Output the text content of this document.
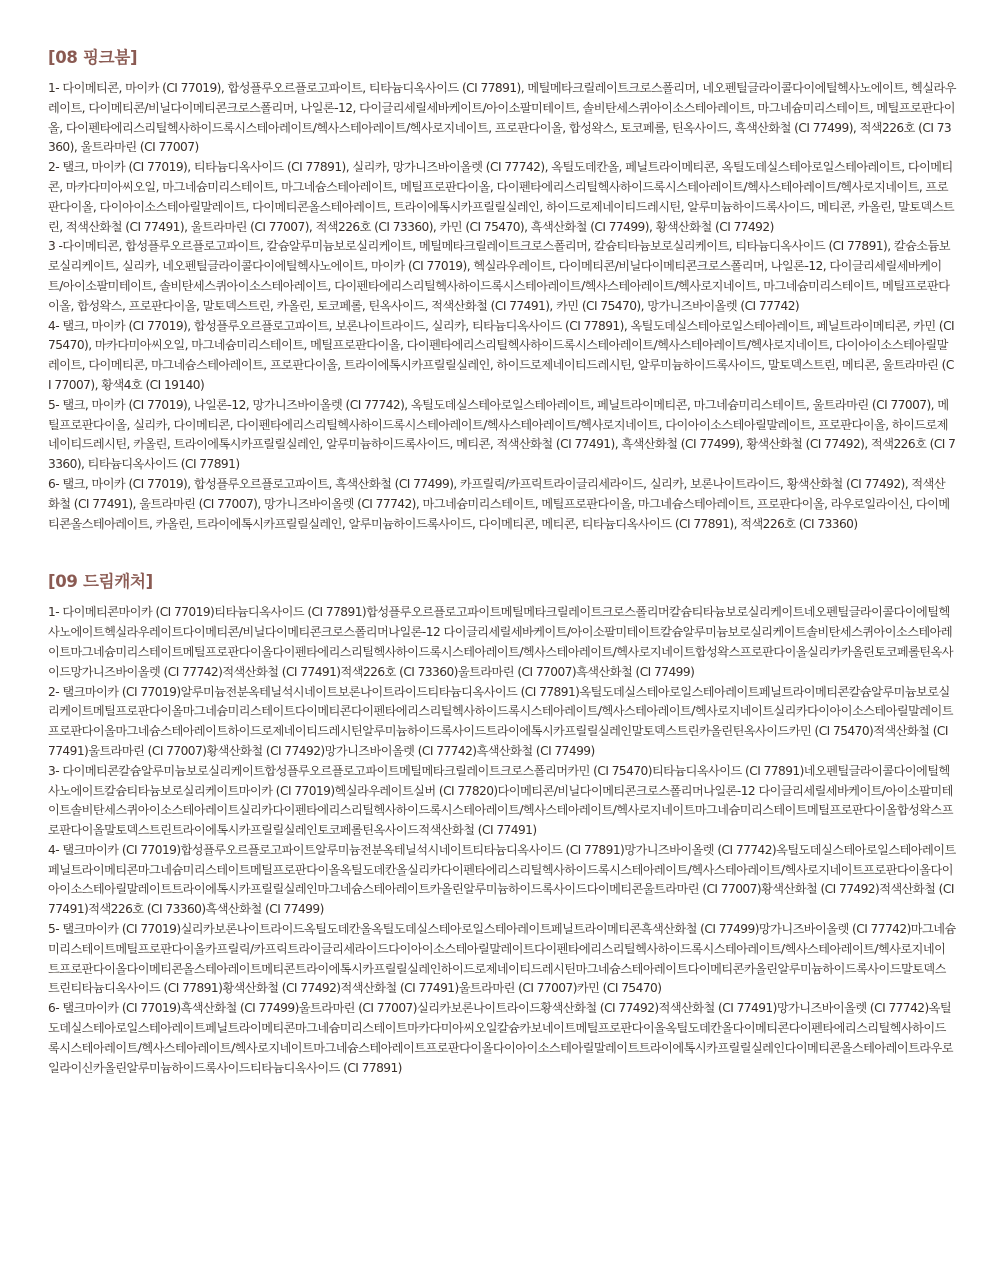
[08 핑크붐]

1- 다이메티콘, 마이카 (CI 77019), 합성플루오르플로고파이트, 티타늄디옥사이드 (CI 77891), 메틸메타크릴레이트크로스폴리머, 네오펜틸글라이콜다이에틸헥사노에이트, 헥실라우레이트, 다이메티콘/비닐다이메티콘크로스폴리머, 나일론-12, 다이글리세릴세바케이트/아이소팔미테이트, 솔비탄세스퀴아이소스테아레이트, 마그네슘미리스테이트, 메틸프로판다이올, 다이펜타에리스리틸헥사하이드록시스테아레이트/헥사스테아레이트/헥사로지네이트, 프로판다이올, 합성왁스, 토코페롤, 틴옥사이드, 흑색산화철 (CI 77499), 적색226호 (CI 73360), 울트라마린 (CI 77007)

2- 탤크, 마이카 (CI 77019), 티타늄디옥사이드 (CI 77891), 실리카, 망가니즈바이올렛 (CI 77742), 옥틸도데칸올, 페닐트라이메티콘, 옥틸도데실스테아로일스테아레이트, 다이메티콘, 마카다미아씨오일, 마그네슘미리스테이트, 마그네슘스테아레이트, 메틸프로판다이올, 다이펜타에리스리틸헥사하이드록시스테아레이트/헥사스테아레이트/헥사로지네이트, 프로판다이올, 다이아이소스테아릴말레이트, 다이메티콘올스테아레이트, 트라이에톡시카프릴릴실레인, 하이드로제네이티드레시틴, 알루미늄하이드록사이드, 메티콘, 카올린, 말토덱스트린, 적색산화철 (CI 77491), 울트라마린 (CI 77007), 적색226호 (CI 73360), 카민 (CI 75470), 흑색산화철 (CI 77499), 황색산화철 (CI 77492)

3 -다이메티콘, 합성플루오르플로고파이트, 칼슘알루미늄보로실리케이트, 메틸메타크릴레이트크로스폴리머, 칼슘티타늄보로실리케이트, 티타늄디옥사이드 (CI 77891), 칼슘소듐보로실리케이트, 실리카, 네오펜틸글라이콜다이에틸헥사노에이트, 마이카 (CI 77019), 헥실라우레이트, 다이메티콘/비닐다이메티콘크로스폴리머, 나일론-12, 다이글리세릴세바케이트/아이소팔미테이트, 솔비탄세스퀴아이소스테아레이트, 다이펜타에리스리틸헥사하이드록시스테아레이트/헥사스테아레이트/헥사로지네이트, 마그네슘미리스테이트, 메틸프로판다이올, 합성왁스, 프로판다이올, 말토덱스트린, 카올린, 토코페롤, 틴옥사이드, 적색산화철 (CI 77491), 카민 (CI 75470), 망가니즈바이올렛 (CI 77742)

4- 탤크, 마이카 (CI 77019), 합성플루오르플로고파이트, 보론나이트라이드, 실리카, 티타늄디옥사이드 (CI 77891), 옥틸도데실스테아로일스테아레이트, 페닐트라이메티콘, 카민 (CI 75470), 마카다미아씨오일, 마그네슘미리스테이트, 메틸프로판다이올, 다이펜타에리스리틸헥사하이드록시스테아레이트/헥사스테아레이트/헥사로지네이트, 다이아이소스테아릴말레이트, 다이메티콘, 마그네슘스테아레이트, 프로판다이올, 트라이에톡시카프릴릴실레인, 하이드로제네이티드레시틴, 알루미늄하이드록사이드, 말토덱스트린, 메티콘, 울트라마린 (CI 77007), 황색4호 (CI 19140)

5- 탤크, 마이카 (CI 77019), 나일론-12, 망가니즈바이올렛 (CI 77742), 옥틸도데실스테아로일스테아레이트, 페닐트라이메티콘, 마그네슘미리스테이트, 울트라마린 (CI 77007), 메틸프로판다이올, 실리카, 다이메티콘, 다이펜타에리스리틸헥사하이드록시스테아레이트/헥사스테아레이트/헥사로지네이트, 다이아이소스테아릴말레이트, 프로판다이올, 하이드로제네이티드레시틴, 카올린, 트라이에톡시카프릴릴실레인, 알루미늄하이드록사이드, 메티콘, 적색산화철 (CI 77491), 흑색산화철 (CI 77499), 황색산화철 (CI 77492), 적색226호 (CI 73360), 티타늄디옥사이드 (CI 77891)

6- 탤크, 마이카 (CI 77019), 합성플루오르플로고파이트, 흑색산화철 (CI 77499), 카프릴릭/카프릭트라이글리세라이드, 실리카, 보론나이트라이드, 황색산화철 (CI 77492), 적색산화철 (CI 77491), 울트라마린 (CI 77007), 망가니즈바이올렛 (CI 77742), 마그네슘미리스테이트, 메틸프로판다이올, 마그네슘스테아레이트, 프로판다이올, 라우로일라이신, 다이메티콘올스테아레이트, 카올린, 트라이에톡시카프릴릴실레인, 알루미늄하이드록사이드, 다이메티콘, 메티콘, 티타늄디옥사이드 (CI 77891), 적색226호 (CI 73360)

[09 드림캐처]

1- 다이메티콘마이카 (CI 77019)티타늄디옥사이드 (CI 77891)합성플루오르플로고파이트메틸메타크릴레이트크로스폴리머칼슘티타늄보로실리케이트네오펜틸글라이콜다이에틸헥사노에이트헥실라우레이트다이메티콘/비닐다이메티콘크로스폴리머나일론-12 다이글리세릴세바케이트/아이소팔미테이트칼슘알루미늄보로실리케이트솔비탄세스퀴아이소스테아레이트마그네슘미리스테이트메틸프로판다이올다이펜타에리스리틸헥사하이드록시스테아레이트/헥사스테아레이트/헥사로지네이트합성왁스프로판다이올실리카카올린토코페롤틴옥사이드망가니즈바이올렛 (CI 77742)적색산화철 (CI 77491)적색226호 (CI 73360)울트라마린 (CI 77007)흑색산화철 (CI 77499)

2- 탤크마이카 (CI 77019)알루미늄전분옥테닐석시네이트보론나이트라이드티타늄디옥사이드 (CI 77891)옥틸도데실스테아로일스테아레이트페닐트라이메티콘칼슘알루미늄보로실리케이트메틸프로판다이올마그네슘미리스테이트다이메티콘다이펜타에리스리틸헥사하이드록시스테아레이트/헥사스테아레이트/헥사로지네이트실리카다이아이소스테아릴말레이트프로판다이올마그네슘스테아레이트하이드로제네이티드레시틴알루미늄하이드록사이드트라이에톡시카프릴릴실레인말토덱스트린카올린틴옥사이드카민 (CI 75470)적색산화철 (CI 77491)울트라마린 (CI 77007)황색산화철 (CI 77492)망가니즈바이올렛 (CI 77742)흑색산화철 (CI 77499)

3- 다이메티콘칼슘알루미늄보로실리케이트합성플루오르플로고파이트메틸메타크릴레이트크로스폴리머카민 (CI 75470)티타늄디옥사이드 (CI 77891)네오펜틸글라이콜다이에틸헥사노에이트칼슘티타늄보로실리케이트마이카 (CI 77019)헥실라우레이트실버 (CI 77820)다이메티콘/비닐다이메티콘크로스폴리머나일론-12 다이글리세릴세바케이트/아이소팔미테이트솔비탄세스퀴아이소스테아레이트실리카다이펜타에리스리틸헥사하이드록시스테아레이트/헥사스테아레이트/헥사로지네이트마그네슘미리스테이트메틸프로판다이올합성왁스프로판다이올말토덱스트린트라이에톡시카프릴릴실레인토코페롤틴옥사이드적색산화철 (CI 77491)

4- 탤크마이카 (CI 77019)합성플루오르플로고파이트알루미늄전분옥테닐석시네이트티타늄디옥사이드 (CI 77891)망가니즈바이올렛 (CI 77742)옥틸도데실스테아로일스테아레이트페닐트라이메티콘마그네슘미리스테이트메틸프로판다이올옥틸도데칸올실리카다이펜타에리스리틸헥사하이드록시스테아레이트/헥사스테아레이트/헥사로지네이트프로판다이올다이아이소스테아릴말레이트트라이에톡시카프릴릴실레인마그네슘스테아레이트카올린알루미늄하이드록사이드다이메티콘울트라마린 (CI 77007)황색산화철 (CI 77492)적색산화철 (CI 77491)적색226호 (CI 73360)흑색산화철 (CI 77499)

5- 탤크마이카 (CI 77019)실리카보론나이트라이드옥틸도데칸올옥틸도데실스테아로일스테아레이트페닐트라이메티콘흑색산화철 (CI 77499)망가니즈바이올렛 (CI 77742)마그네슘미리스테이트메틸프로판다이올카프릴릭/카프릭트라이글리세라이드다이아이소스테아릴말레이트다이펜타에리스리틸헥사하이드록시스테아레이트/헥사스테아레이트/헥사로지네이트프로판다이올다이메티콘올스테아레이트메티콘트라이에톡시카프릴릴실레인하이드로제네이티드레시틴마그네슘스테아레이트다이메티콘카올린알루미늄하이드록사이드말토덱스트린티타늄디옥사이드 (CI 77891)황색산화철 (CI 77492)적색산화철 (CI 77491)울트라마린 (CI 77007)카민 (CI 75470)

6- 탤크마이카 (CI 77019)흑색산화철 (CI 77499)울트라마린 (CI 77007)실리카보론나이트라이드황색산화철 (CI 77492)적색산화철 (CI 77491)망가니즈바이올렛 (CI 77742)옥틸도데실스테아로일스테아레이트페닐트라이메티콘마그네슘미리스테이트마카다미아씨오일칼슘카보네이트메틸프로판다이올옥틸도데칸올다이메티콘다이펜타에리스리틸헥사하이드록시스테아레이트/헥사스테아레이트/헥사로지네이트마그네슘스테아레이트프로판다이올다이아이소스테아릴말레이트트라이에톡시카프릴릴실레인다이메티콘올스테아레이트라우로일라이신카올린알루미늄하이드록사이드티타늄디옥사이드 (CI 77891)
